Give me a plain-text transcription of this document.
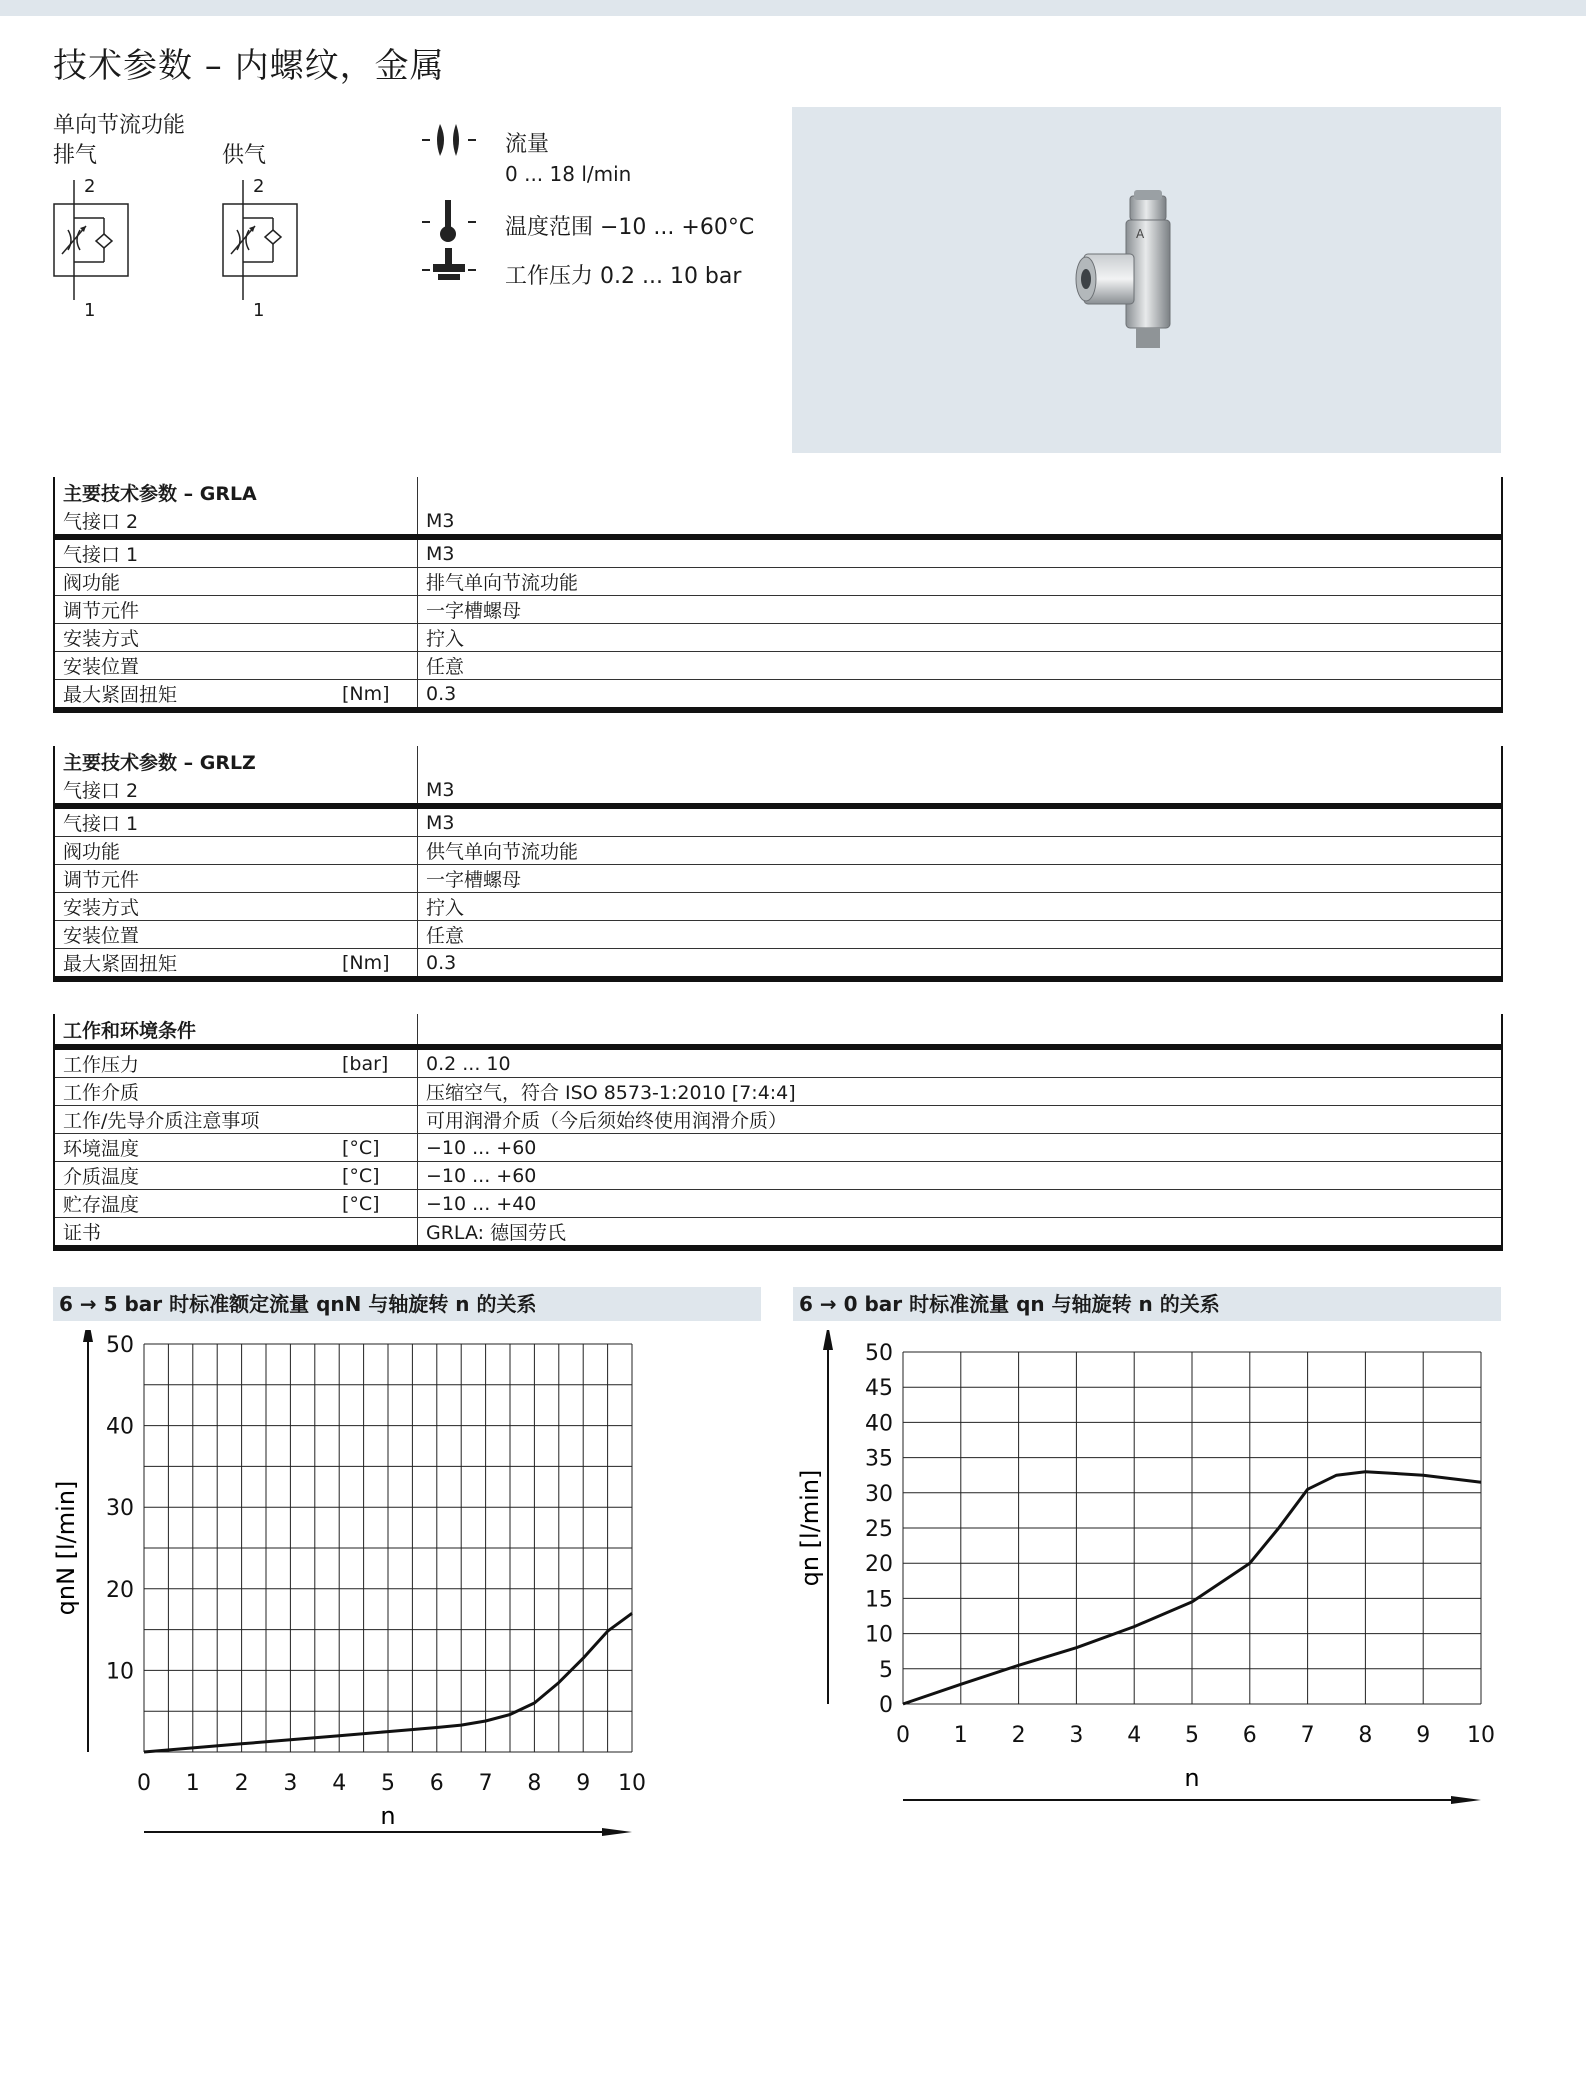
技术参数 – 内螺纹，金属
单向节流功能
排气
2
1
供气
2
1
流量
0 ... 18 l/min
温度范围 −10 ... +60°C
工作压力 0.2 ... 10 bar
A
主要技术参数 – GRLA		
气接口 2		M3
气接口 1		M3
阀功能		排气单向节流功能
调节元件		一字槽螺母
安装方式		拧入
安装位置		任意
最大紧固扭矩	[Nm]	0.3
主要技术参数 – GRLZ		
气接口 2		M3
气接口 1		M3
阀功能		供气单向节流功能
调节元件		一字槽螺母
安装方式		拧入
安装位置		任意
最大紧固扭矩	[Nm]	0.3
工作和环境条件		
工作压力	[bar]	0.2 ... 10
工作介质		压缩空气，符合 ISO 8573-1:2010 [7:4:4]
工作/先导介质注意事项		可用润滑介质（今后须始终使用润滑介质）
环境温度	[°C]	−10 ... +60
介质温度	[°C]	−10 ... +60
贮存温度	[°C]	−10 ... +40
证书		GRLA: 德国劳氏
6 → 5 bar 时标准额定流量 qnN 与轴旋转 n 的关系	6 → 0 bar 时标准流量 qn 与轴旋转 n 的关系
0 1 2 3 4 5 6 7 8 9 10
10
20
30
40
50
n
qnN [l/min]
0 1 2 3 4 5 6 7 8 9 10
0
5
10
15
20
25
30
35
40
45
50
n
qn [l/min]
